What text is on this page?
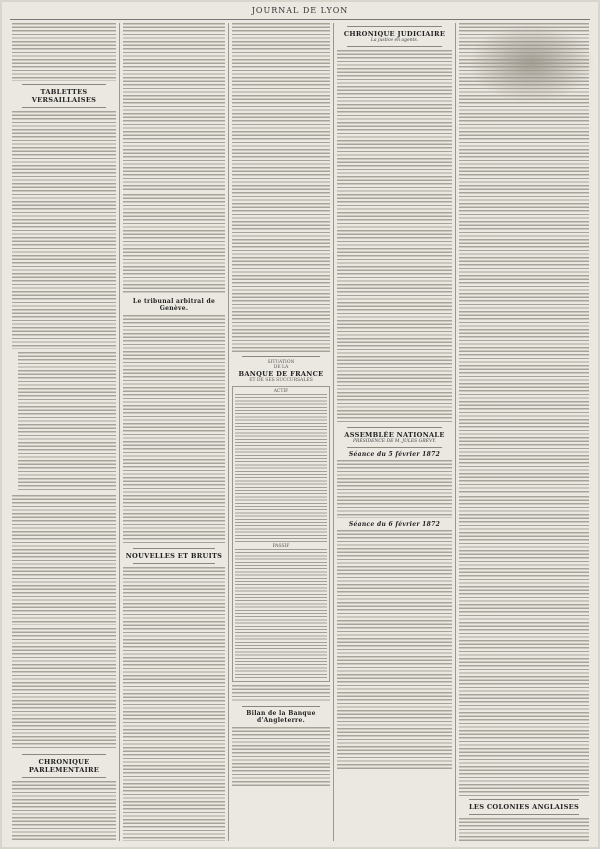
JOURNAL DE LYON
TABLETTES VERSAILLAISES
CHRONIQUE PARLEMENTAIRE
Le tribunal arbitral de Genève.
NOUVELLES ET BRUITS
SITUATION
DE LA
BANQUE DE FRANCE
ET DE SES SUCCURSALES
ACTIF
PASSIF
Bilan de la Banque d'Angleterre.
CHRONIQUE JUDICIAIRE
La justice en agents.
ASSEMBLÉE NATIONALE
PRÉSIDENCE DE M. JULES GRÉVY.
Séance du 5 février 1872
Séance du 6 février 1872
LES COLONIES ANGLAISES
